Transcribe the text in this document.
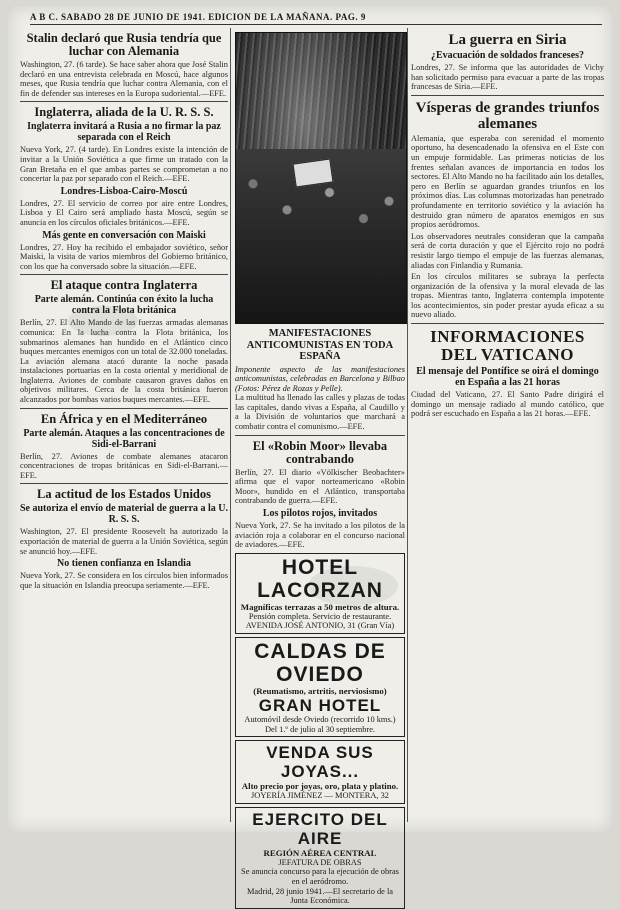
A B C. SABADO 28 DE JUNIO DE 1941. EDICION DE LA MAÑANA. PAG. 9
Stalin declaró que Rusia tendría que luchar con Alemania

Washington, 27. (6 tarde). Se hace saber ahora que José Stalin declaró en una entrevista celebrada en Moscú, hace algunos meses, que Rusia tendría que luchar contra Alemania, con el fin de defender sus intereses en la Europa sudoriental.—EFE.

Inglaterra, aliada de la U. R. S. S.
Inglaterra invitará a Rusia a no firmar la paz separada con el Reich

Nueva York, 27. (4 tarde). En Londres existe la intención de invitar a la Unión Soviética a que firme un tratado con la Gran Bretaña en el que ambas partes se comprometan a no concertar la paz por separado con el Reich.—EFE.

Londres-Lisboa-Cairo-Moscú

Londres, 27. El servicio de correo por aire entre Londres, Lisboa y El Cairo será ampliado hasta Moscú, según se anuncia en los círculos oficiales británicos.—EFE.

Más gente en conversación con Maiski

Londres, 27. Hoy ha recibido el embajador soviético, señor Maiski, la visita de varios miembros del Gobierno británico, con los que ha conversado sobre la situación.—EFE.

El ataque contra Inglaterra
Parte alemán. Continúa con éxito la lucha contra la Flota británica

Berlín, 27. El Alto Mando de las fuerzas armadas alemanas comunica: En la lucha contra la Flota británica, los submarinos alemanes han hundido en el Atlántico cinco buques mercantes enemigos con un total de 32.000 toneladas. La aviación alemana atacó durante la noche pasada instalaciones portuarias en la costa oriental y meridional de Inglaterra. Aviones de combate causaron graves daños en objetivos militares. Cerca de la costa británica fueron alcanzados por bombas varios buques mercantes.—EFE.

En África y en el Mediterráneo
Parte alemán. Ataques a las concentraciones de Sidi-el-Barrani

Berlín, 27. Aviones de combate alemanes atacaron concentraciones de tropas británicas en Sidi-el-Barrani.—EFE.

La actitud de los Estados Unidos
Se autoriza el envío de material de guerra a la U. R. S. S.

Washington, 27. El presidente Roosevelt ha autorizado la exportación de material de guerra a la Unión Soviética, según se anunció hoy.—EFE.

No tienen confianza en Islandia

Nueva York, 27. Se considera en los círculos bien informados que la situación en Islandia preocupa seriamente.—EFE.

MANIFESTACIONES ANTICOMUNISTAS EN TODA ESPAÑA
Imponente aspecto de las manifestaciones anticomunistas, celebradas en Barcelona y Bilbao (Fotos: Pérez de Rozas y Pelle).

La multitud ha llenado las calles y plazas de todas las capitales, dando vivas a España, al Caudillo y a la División de voluntarios que marchará a combatir contra el comunismo.—EFE.

El «Robin Moor» llevaba contrabando

Berlín, 27. El diario «Völkischer Beobachter» afirma que el vapor norteamericano «Robin Moor», hundido en el Atlántico, transportaba contrabando de guerra.—EFE.

Los pilotos rojos, invitados

Nueva York, 27. Se ha invitado a los pilotos de la aviación roja a colaborar en el concurso nacional de aviadores.—EFE.

HOTEL LACORZAN
Magníficas terrazas a 50 metros de altura.
Pensión completa. Servicio de restaurante.
AVENIDA JOSÉ ANTONIO, 31 (Gran Vía)
CALDAS DE OVIEDO
(Reumatismo, artritis, nerviosismo)
GRAN HOTEL
Automóvil desde Oviedo (recorrido 10 kms.)
Del 1.º de julio al 30 septiembre.
VENDA SUS JOYAS...
Alto precio por joyas, oro, plata y platino.
JOYERÍA JIMÉNEZ — MONTERA, 32
EJERCITO DEL AIRE
REGIÓN AÉREA CENTRAL
JEFATURA DE OBRAS
Se anuncia concurso para la ejecución de obras en el aeródromo.
Madrid, 28 junio 1941.—El secretario de la Junta Económica.
La guerra en Siria
¿Evacuación de soldados franceses?

Londres, 27. Se informa que las autoridades de Vichy han solicitado permiso para evacuar a parte de las tropas francesas de Siria.—EFE.

Vísperas de grandes triunfos alemanes

Alemania, que esperaba con serenidad el momento oportuno, ha desencadenado la ofensiva en el Este con un empuje formidable. Las primeras noticias de los frentes señalan avances de importancia en todos los sectores. El Alto Mando no ha facilitado aún los detalles, pero en Berlín se aguardan grandes triunfos en los próximos días. Las columnas motorizadas han penetrado profundamente en territorio soviético y la aviación ha destruido gran número de aparatos enemigos en sus propios aeródromos.

Los observadores neutrales consideran que la campaña será de corta duración y que el Ejército rojo no podrá resistir largo tiempo el empuje de las fuerzas alemanas, aliadas con Finlandia y Rumania.

En los círculos militares se subraya la perfecta organización de la ofensiva y la moral elevada de las tropas. Mientras tanto, Inglaterra contempla impotente los acontecimientos, sin poder prestar ayuda eficaz a su nuevo aliado.

INFORMACIONES DEL VATICANO
El mensaje del Pontífice se oirá el domingo en España a las 21 horas

Ciudad del Vaticano, 27. El Santo Padre dirigirá el domingo un mensaje radiado al mundo católico, que podrá ser escuchado en España a las 21 horas.—EFE.
